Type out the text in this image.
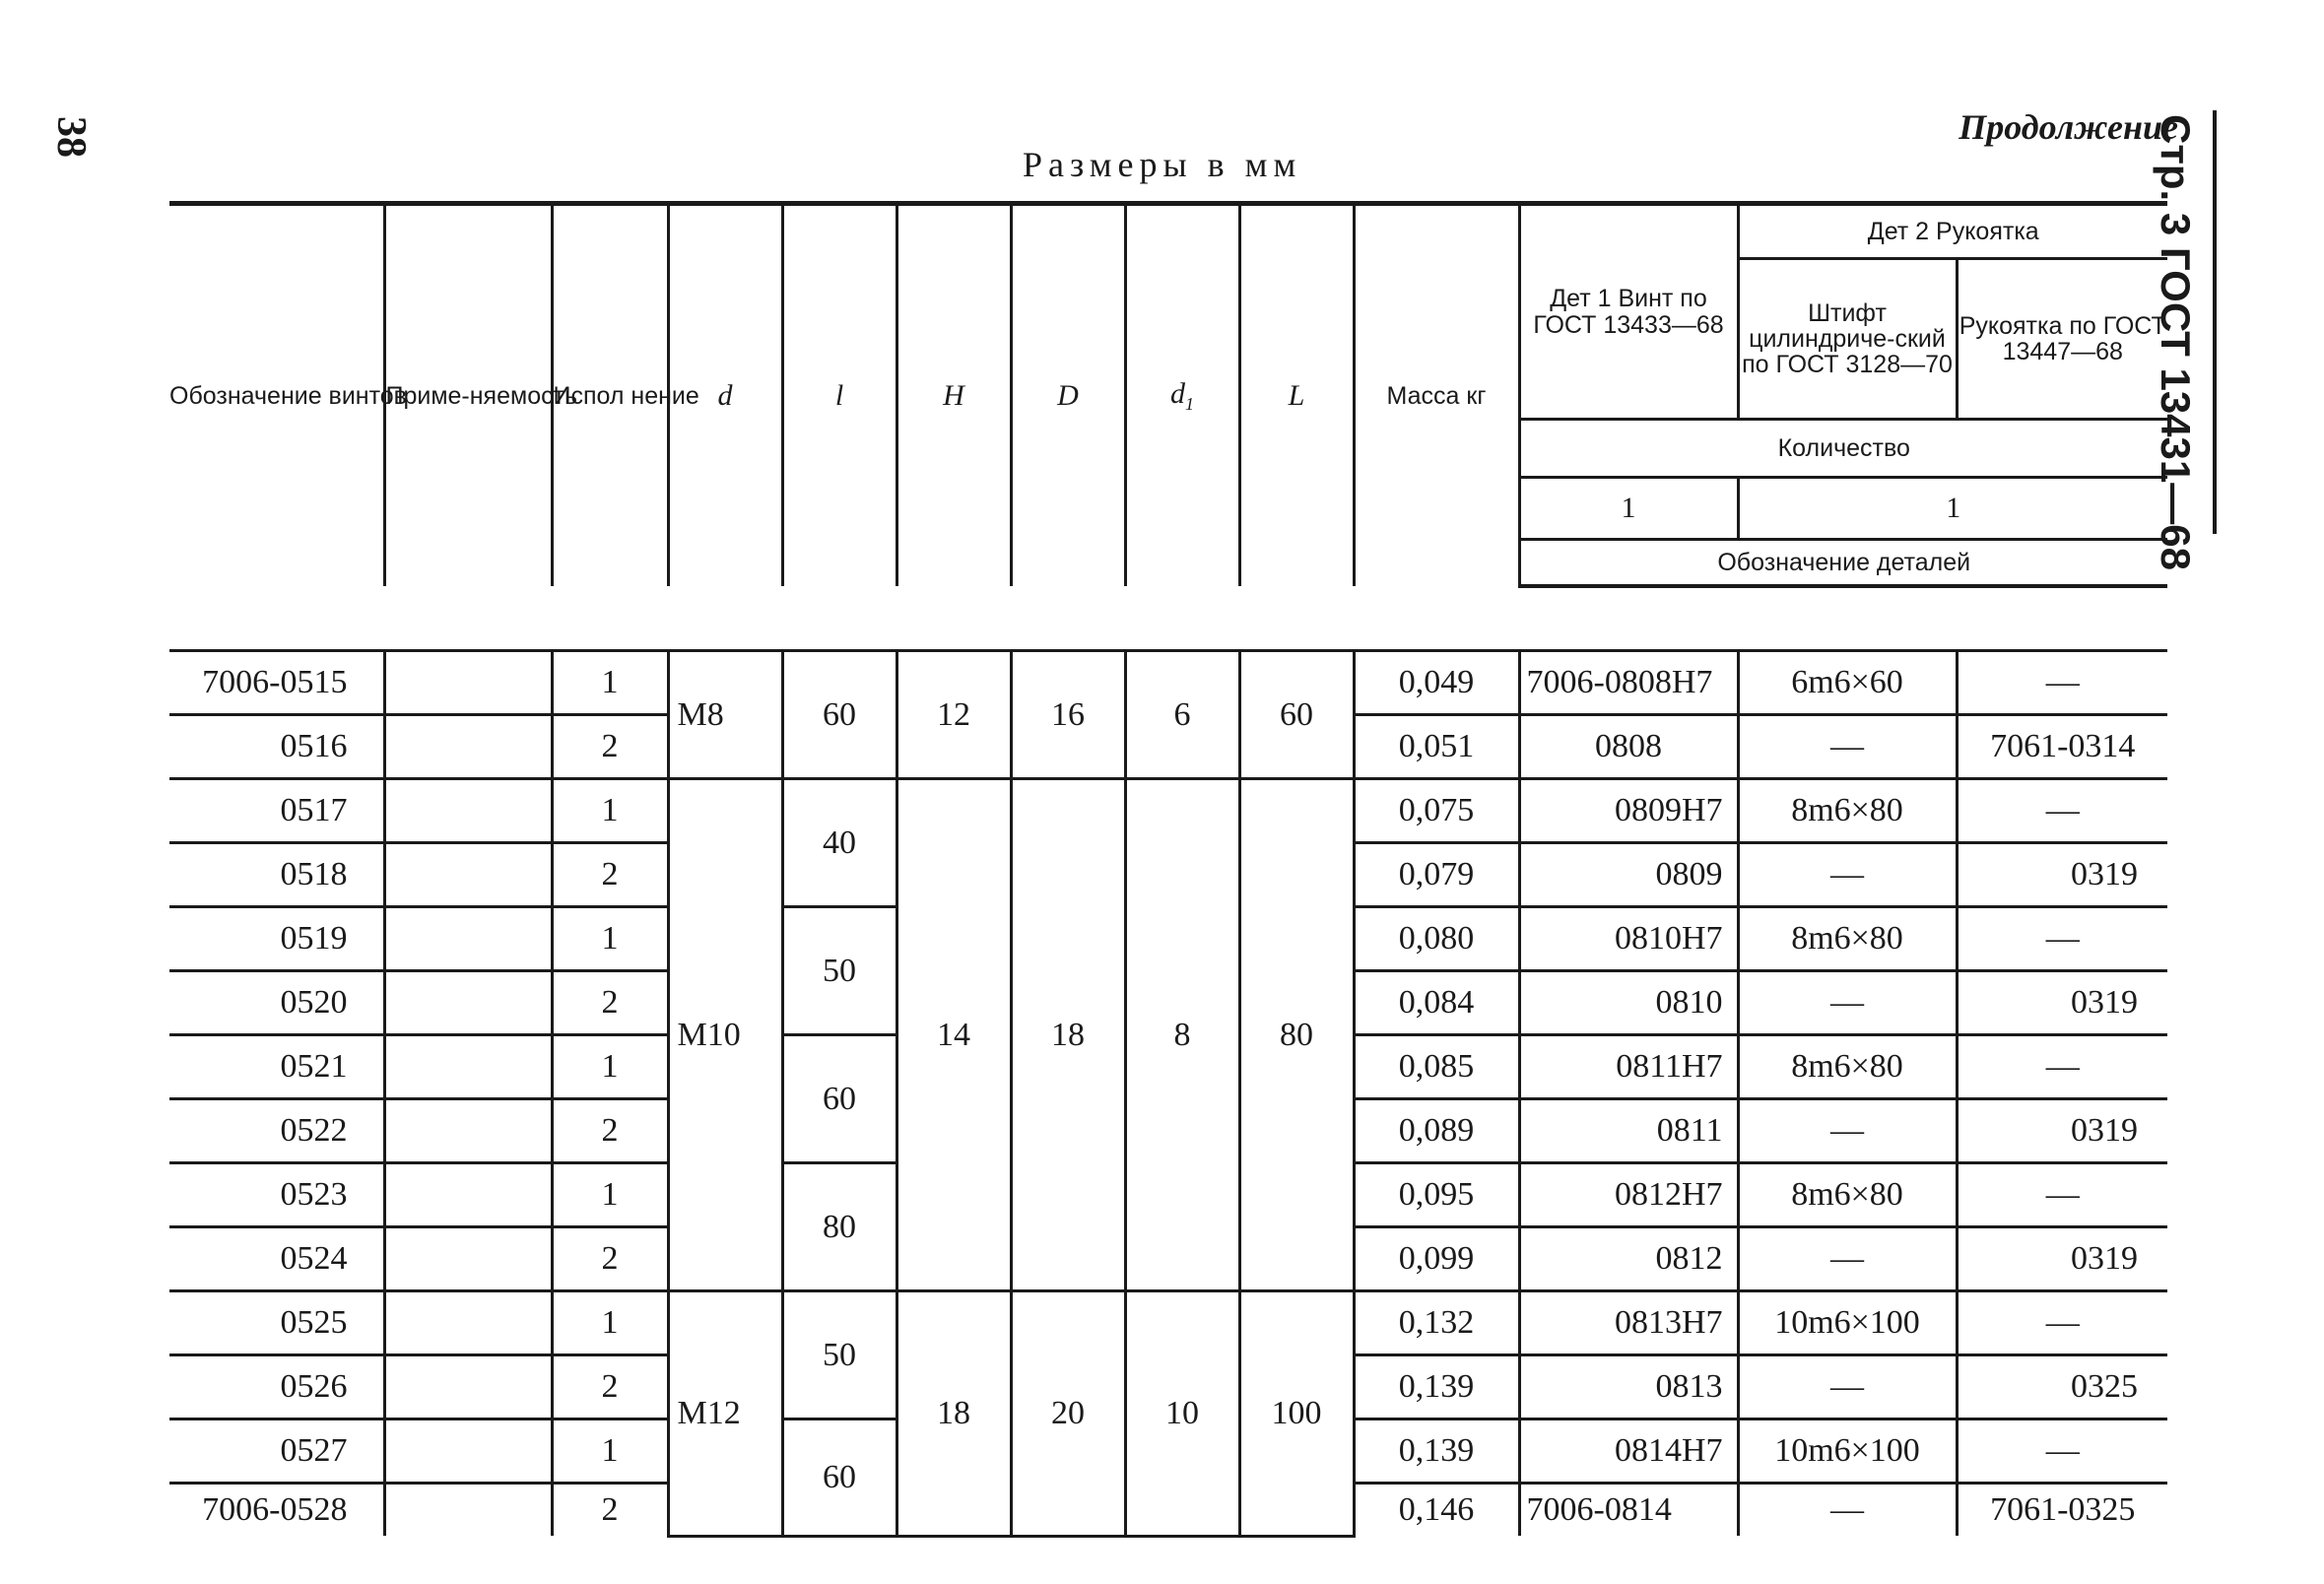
38	Стр. 3 ГОСТ 13431—68
Продолжение
Размеры в мм
Обозначение винтов	Приме-няемость	Испол нение	d	l	H	D	$d_1$	L	Масса кг	Дет 1 Винт по ГОСТ 13433—68	Дет 2 Рукоятка	
											Штифт цилиндриче-ский по ГОСТ 3128—70	Рукоятка по ГОСТ 13447—68
										Количество		
										1	1	
										Обозначение деталей		

7006-0515		1	M8	60	12	16	6	60	0,049	7006-0808H7	6m6×60	—
0516		2							0,051	0808	—	7061-0314
0517		1	M10	40	14	18	8	80	0,075	0809H7	8m6×80	—
0518		2							0,079	0809	—	0319
0519		1		50					0,080	0810H7	8m6×80	—
0520		2							0,084	0810	—	0319
0521		1		60					0,085	0811H7	8m6×80	—
0522		2							0,089	0811	—	0319
0523		1		80					0,095	0812H7	8m6×80	—
0524		2							0,099	0812	—	0319
0525		1	M12	50	18	20	10	100	0,132	0813H7	10m6×100	—
0526		2							0,139	0813	—	0325
0527		1		60					0,139	0814H7	10m6×100	—
7006-0528		2							0,146	7006-0814	—	7061-0325
